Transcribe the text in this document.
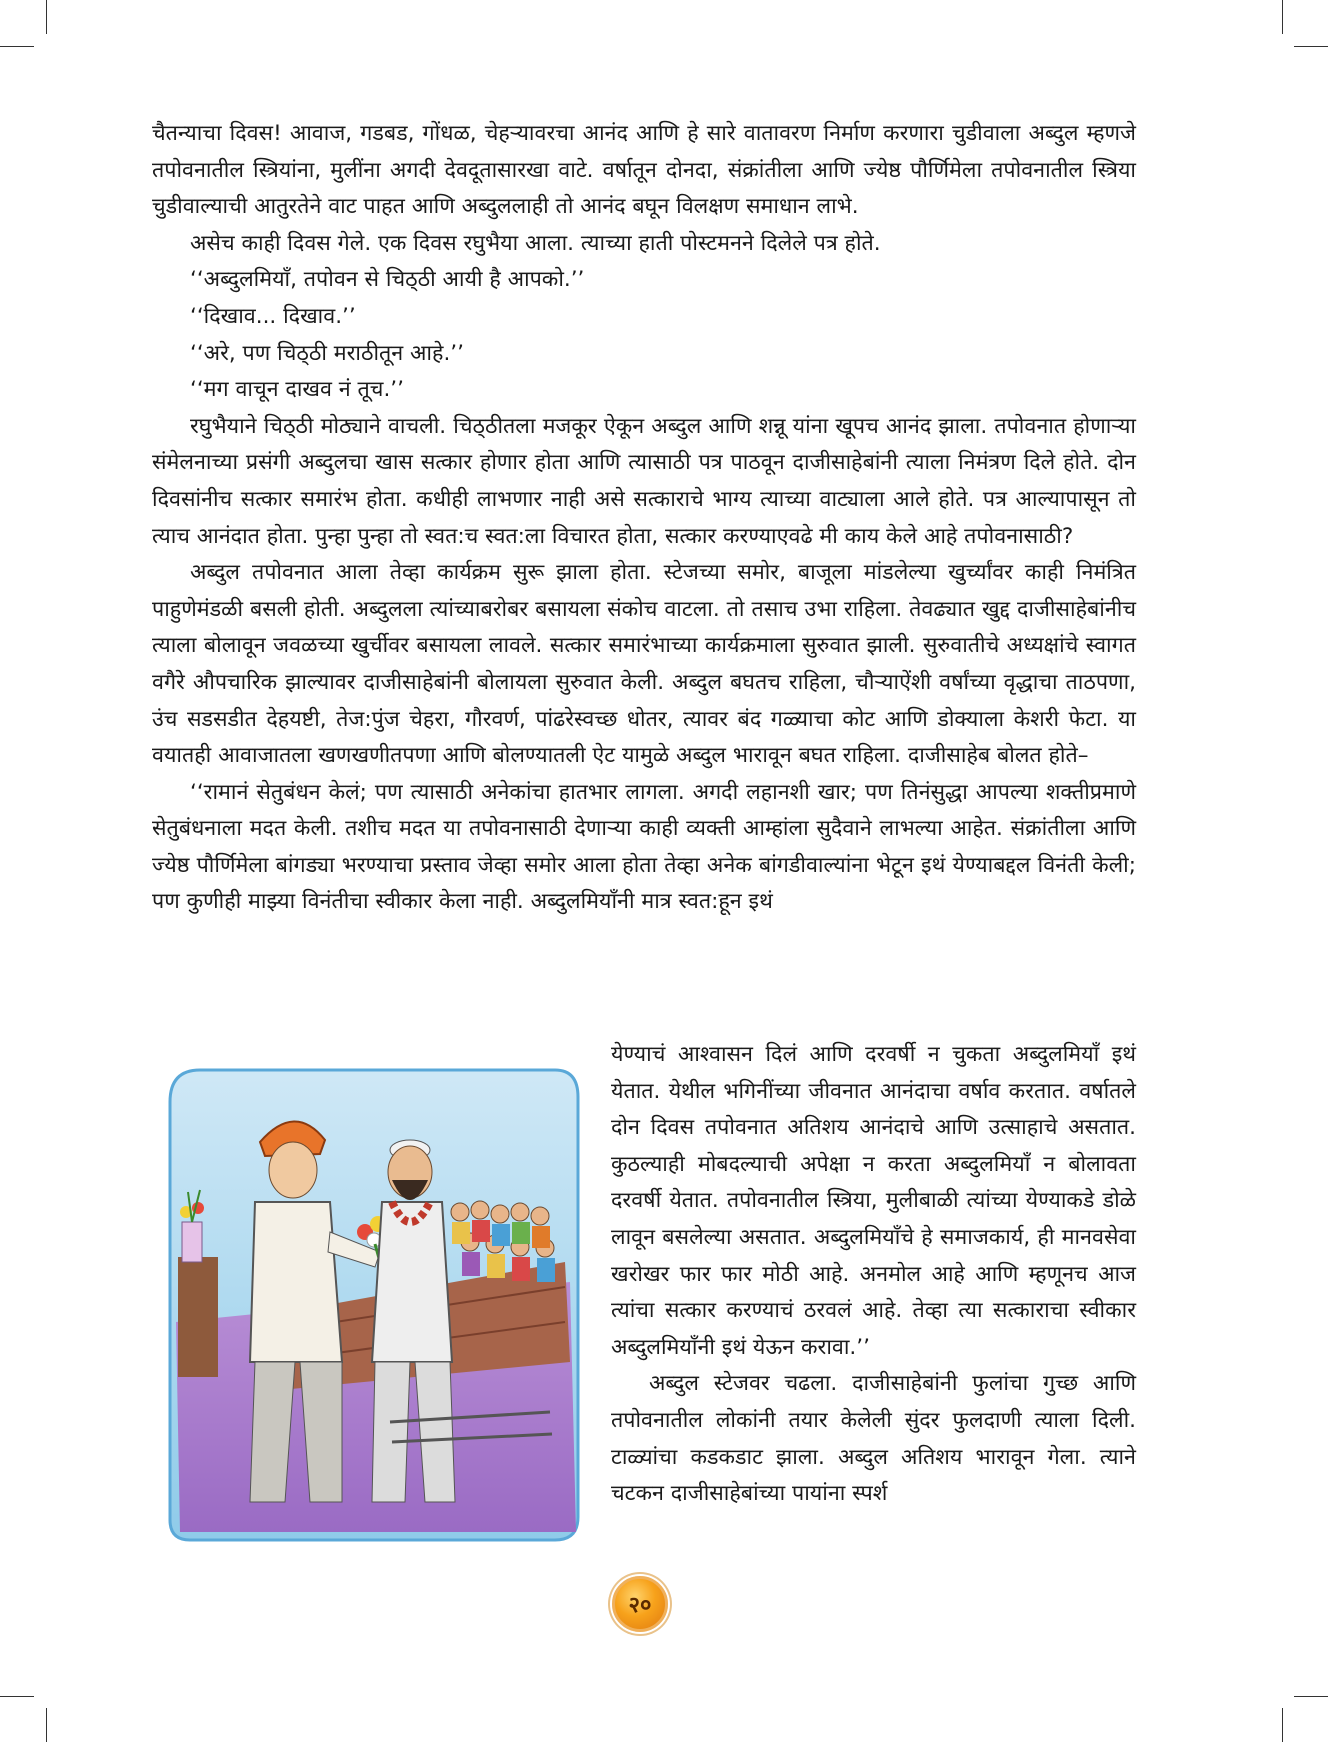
चैतन्याचा दिवस! आवाज, गडबड, गोंधळ, चेहऱ्यावरचा आनंद आणि हे सारे वातावरण निर्माण करणारा चुडीवाला अब्दुल म्हणजे तपोवनातील स्त्रियांना, मुलींना अगदी देवदूतासारखा वाटे. वर्षातून दोनदा, संक्रांतीला आणि ज्येष्ठ पौर्णिमेला तपोवनातील स्त्रिया चुडीवाल्याची आतुरतेने वाट पाहत आणि अब्दुललाही तो आनंद बघून विलक्षण समाधान लाभे.

असेच काही दिवस गेले. एक दिवस रघुभैया आला. त्याच्या हाती पोस्टमनने दिलेले पत्र होते.

‘‘अब्दुलमियाँ, तपोवन से चिठ्‌ठी आयी है आपको.’’

‘‘दिखाव... दिखाव.’’

‘‘अरे, पण चिठ्‌ठी मराठीतून आहे.’’

‘‘मग वाचून दाखव नं तूच.’’

रघुभैयाने चिठ्‌ठी मोठ्याने वाचली. चिठ्‌ठीतला मजकूर ऐकून अब्दुल आणि शन्नू यांना खूपच आनंद झाला. तपोवनात होणाऱ्या संमेलनाच्या प्रसंगी अब्दुलचा खास सत्कार होणार होता आणि त्यासाठी पत्र पाठवून दाजीसाहेबांनी त्याला निमंत्रण दिले होते. दोन दिवसांनीच सत्कार समारंभ होता. कधीही लाभणार नाही असे सत्काराचे भाग्य त्याच्या वाट्याला आले होते. पत्र आल्यापासून तो त्याच आनंदात होता. पुन्हा पुन्हा तो स्वत:च स्वत:ला विचारत होता, सत्कार करण्याएवढे मी काय केले आहे तपोवनासाठी?

अब्दुल तपोवनात आला तेव्हा कार्यक्रम सुरू झाला होता. स्टेजच्या समोर, बाजूला मांडलेल्या खुर्च्यांवर काही निमंत्रित पाहुणेमंडळी बसली होती. अब्दुलला त्यांच्याबरोबर बसायला संकोच वाटला. तो तसाच उभा राहिला. तेवढ्यात खुद्द दाजीसाहेबांनीच त्याला बोलावून जवळच्या खुर्चीवर बसायला लावले. सत्कार समारंभाच्या कार्यक्रमाला सुरुवात झाली. सुरुवातीचे अध्यक्षांचे स्वागत वगैरे औपचारिक झाल्यावर दाजीसाहेबांनी बोलायला सुरुवात केली. अब्दुल बघतच राहिला, चौऱ्याऐंशी वर्षांच्या वृद्धाचा ताठपणा, उंच सडसडीत देहयष्टी, तेज:पुंज चेहरा, गौरवर्ण, पांढरेस्वच्छ धोतर, त्यावर बंद गळ्याचा कोट आणि डोक्याला केशरी फेटा. या वयातही आवाजातला खणखणीतपणा आणि बोलण्यातली ऐट यामुळे अब्दुल भारावून बघत राहिला. दाजीसाहेब बोलत होते–

‘‘रामानं सेतुबंधन केलं; पण त्यासाठी अनेकांचा हातभार लागला. अगदी लहानशी खार; पण तिनंसुद्धा आपल्या शक्तीप्रमाणे सेतुबंधनाला मदत केली. तशीच मदत या तपोवनासाठी देणाऱ्या काही व्यक्ती आम्हांला सुदैवाने लाभल्या आहेत. संक्रांतीला आणि ज्येष्ठ पौर्णिमेला बांगड्या भरण्याचा प्रस्ताव जेव्हा समोर आला होता तेव्हा अनेक बांगडीवाल्यांना भेटून इथं येण्याबद्दल विनंती केली; पण कुणीही माझ्या विनंतीचा स्वीकार केला नाही. अब्दुलमियाँनी मात्र स्वत:हून इथं

येण्याचं आश्वासन दिलं आणि दरवर्षी न चुकता अब्दुलमियाँ इथं येतात. येथील भगिनींच्या जीवनात आनंदाचा वर्षाव करतात. वर्षातले दोन दिवस तपोवनात अतिशय आनंदाचे आणि उत्साहाचे असतात. कुठल्याही मोबदल्याची अपेक्षा न करता अब्दुलमियाँ न बोलावता दरवर्षी येतात. तपोवनातील स्त्रिया, मुलीबाळी त्यांच्या येण्याकडे डोळे लावून बसलेल्या असतात. अब्दुलमियाँचे हे समाजकार्य, ही मानवसेवा खरोखर फार फार मोठी आहे. अनमोल आहे आणि म्हणूनच आज त्यांचा सत्कार करण्याचं ठरवलं आहे. तेव्हा त्या सत्काराचा स्वीकार अब्दुलमियाँनी इथं येऊन करावा.’’

अब्दुल स्टेजवर चढला. दाजीसाहेबांनी फुलांचा गुच्छ आणि तपोवनातील लोकांनी तयार केलेली सुंदर फुलदाणी त्याला दिली. टाळ्यांचा कडकडाट झाला. अब्दुल अतिशय भारावून गेला. त्याने चटकन दाजीसाहेबांच्या पायांना स्पर्श

२०
